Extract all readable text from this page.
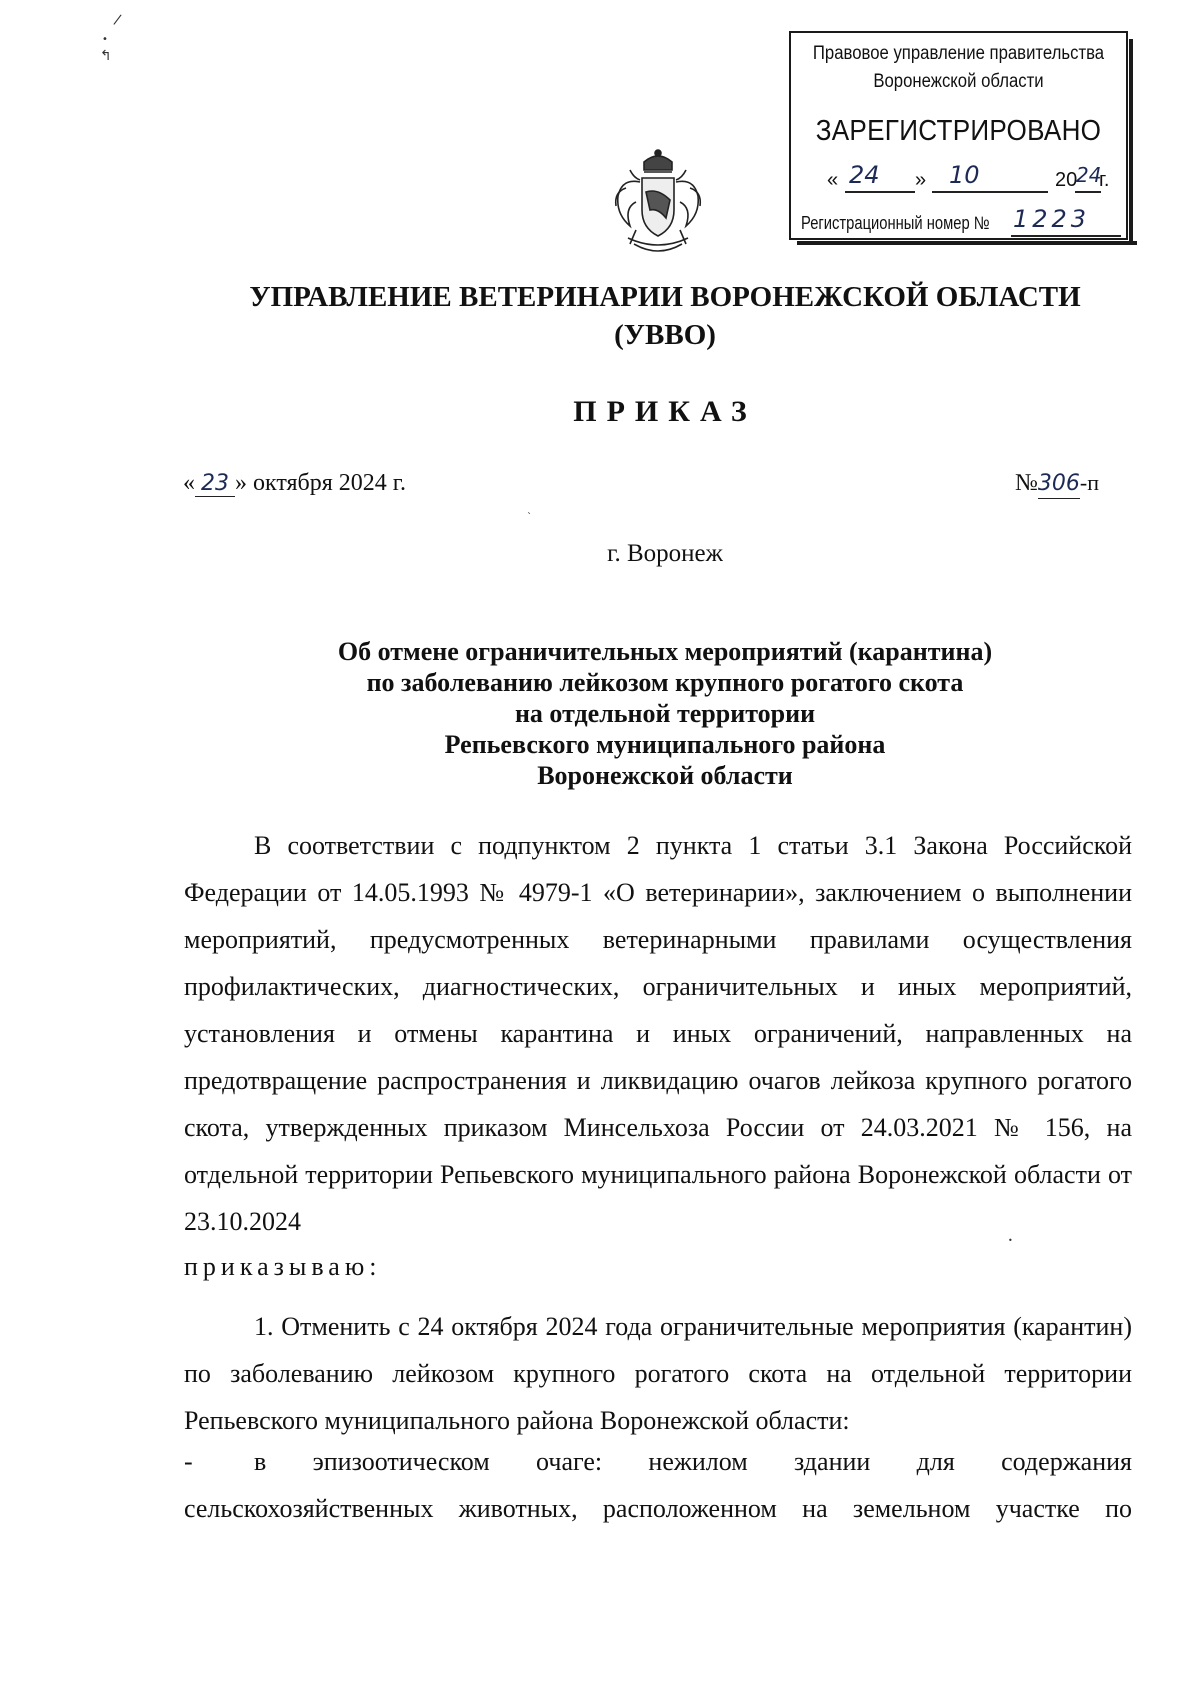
/
•
↰
`
•
Правовое управление правительства
Воронежской области
ЗАРЕГИСТРИРОВАНО
« 24 » 10	20
24
г.
Регистрационный номер № 1223
УПРАВЛЕНИЕ ВЕТЕРИНАРИИ ВОРОНЕЖСКОЙ ОБЛАСТИ
(УВВО)
ПРИКАЗ
« 23 » октября 2024 г.	№306
-п
г. Воронеж
Об отмене ограничительных мероприятий (карантина)
по заболеванию лейкозом крупного рогатого скота
на отдельной территории
Репьевского муниципального района
Воронежской области
В соответствии с подпунктом 2 пункта 1 статьи 3.1 Закона Российской Федерации от 14.05.1993 № 4979-1 «О ветеринарии», заключением о выполнении мероприятий, предусмотренных ветеринарными правилами осуществления профилактических, диагностических, ограничительных и иных мероприятий, установления и отмены карантина и иных ограничений, направленных на предотвращение распространения и ликвидацию очагов лейкоза крупного рогатого скота, утвержденных приказом Минсельхоза России от 24.03.2021 № 156, на отдельной территории Репьевского муниципального района Воронежской области от 23.10.2024
приказываю:
1. Отменить с 24 октября 2024 года ограничительные мероприятия (карантин) по заболеванию лейкозом крупного рогатого скота на отдельной территории Репьевского муниципального района Воронежской области:
- в эпизоотическом очаге: нежилом здании для содержания сельскохозяйственных животных, расположенном на земельном участке по
